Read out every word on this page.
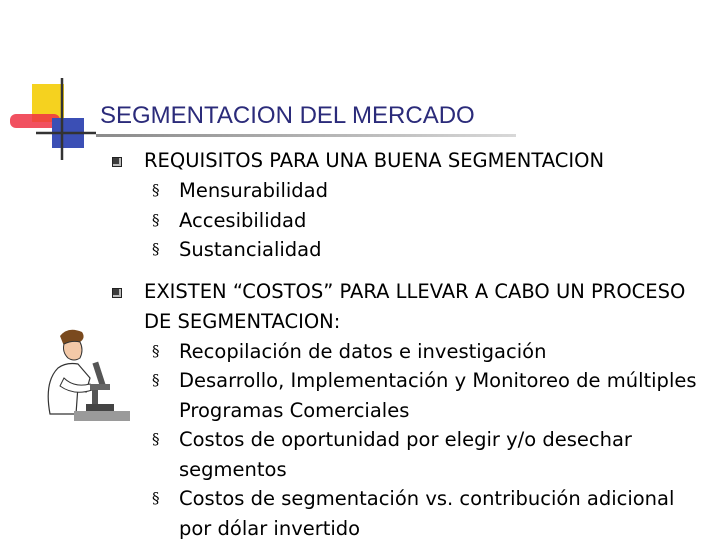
SEGMENTACION DEL MERCADO
REQUISITOS PARA UNA BUENA SEGMENTACION
§ Mensurabilidad
§ Accesibilidad
§ Sustancialidad
EXISTEN “COSTOS” PARA LLEVAR A CABO UN PROCESO DE SEGMENTACION:
§ Recopilación de datos e investigación
§ Desarrollo, Implementación y Monitoreo de múltiples Programas Comerciales
§ Costos de oportunidad por elegir y/o desechar segmentos
§ Costos de segmentación vs. contribución adicional por dólar invertido
